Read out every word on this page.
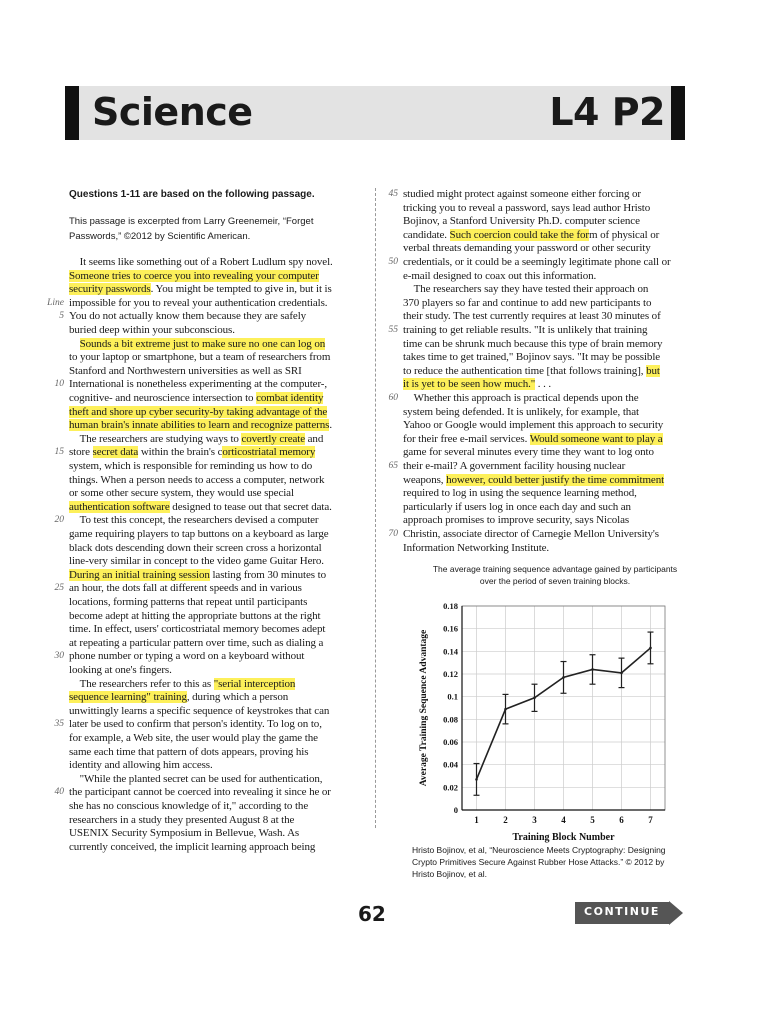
Science	L4 P2
Questions 1-11 are based on the following passage.
This passage is excerpted from Larry Greenemeir, “Forget
Passwords,” ©2012 by Scientific American.
It seems like something out of a Robert Ludlum spy novel.
Someone tries to coerce you into revealing your computer
security passwords. You might be tempted to give in, but it is
impossible for you to reveal your authentication credentials.
You do not actually know them because they are safely
buried deep within your subconscious.
Sounds a bit extreme just to make sure no one can log on
to your laptop or smartphone, but a team of researchers from
Stanford and Northwestern universities as well as SRI
International is nonetheless experimenting at the computer-,
cognitive- and neuroscience intersection to combat identity
theft and shore up cyber security-by taking advantage of the
human brain's innate abilities to learn and recognize patterns.
The researchers are studying ways to covertly create and
store secret data within the brain's corticostriatal memory
system, which is responsible for reminding us how to do
things. When a person needs to access a computer, network
or some other secure system, they would use special
authentication software designed to tease out that secret data.
To test this concept, the researchers devised a computer
game requiring players to tap buttons on a keyboard as large
black dots descending down their screen cross a horizontal
line-very similar in concept to the video game Guitar Hero.
During an initial training session lasting from 30 minutes to
an hour, the dots fall at different speeds and in various
locations, forming patterns that repeat until participants
become adept at hitting the appropriate buttons at the right
time. In effect, users' corticostriatal memory becomes adept
at repeating a particular pattern over time, such as dialing a
phone number or typing a word on a keyboard without
looking at one's fingers.
The researchers refer to this as "serial interception
sequence learning" training, during which a person
unwittingly learns a specific sequence of keystrokes that can
later be used to confirm that person's identity. To log on to,
for example, a Web site, the user would play the game the
same each time that pattern of dots appears, proving his
identity and allowing him access.
"While the planted secret can be used for authentication,
the participant cannot be coerced into revealing it since he or
she has no conscious knowledge of it," according to the
researchers in a study they presented August 8 at the
USENIX Security Symposium in Bellevue, Wash. As
currently conceived, the implicit learning approach being
studied might protect against someone either forcing or
tricking you to reveal a password, says lead author Hristo
Bojinov, a Stanford University Ph.D. computer science
candidate. Such coercion could take the form of physical or
verbal threats demanding your password or other security
credentials, or it could be a seemingly legitimate phone call or
e-mail designed to coax out this information.
The researchers say they have tested their approach on
370 players so far and continue to add new participants to
their study. The test currently requires at least 30 minutes of
training to get reliable results. "It is unlikely that training
time can be shrunk much because this type of brain memory
takes time to get trained," Bojinov says. "It may be possible
to reduce the authentication time [that follows training], but
it is yet to be seen how much." . . .
Whether this approach is practical depends upon the
system being defended. It is unlikely, for example, that
Yahoo or Google would implement this approach to security
for their free e-mail services. Would someone want to play a
game for several minutes every time they want to log onto
their e-mail? A government facility housing nuclear
weapons, however, could better justify the time commitment
required to log in using the sequence learning method,
particularly if users log in once each day and such an
approach promises to improve security, says Nicolas
Christin, associate director of Carnegie Mellon University's
Information Networking Institute.
The average training sequence advantage gained by participants
over the period of seven training blocks.
0
0.02
0.04
0.06
0.08
0.1
0.12
0.14
0.16
0.18
1	2	3	4	5	6	7
Training Block Number
Average Training Sequence Advantage
Hristo Bojinov, et al, “Neuroscience Meets Cryptography: Designing
Crypto Primitives Secure Against Rubber Hose Attacks.” © 2012 by
Hristo Bojinov, et al.
62	CONTINUE
Line
5
10
15
20
25
30
35
40
45
50
55
60
65
70
